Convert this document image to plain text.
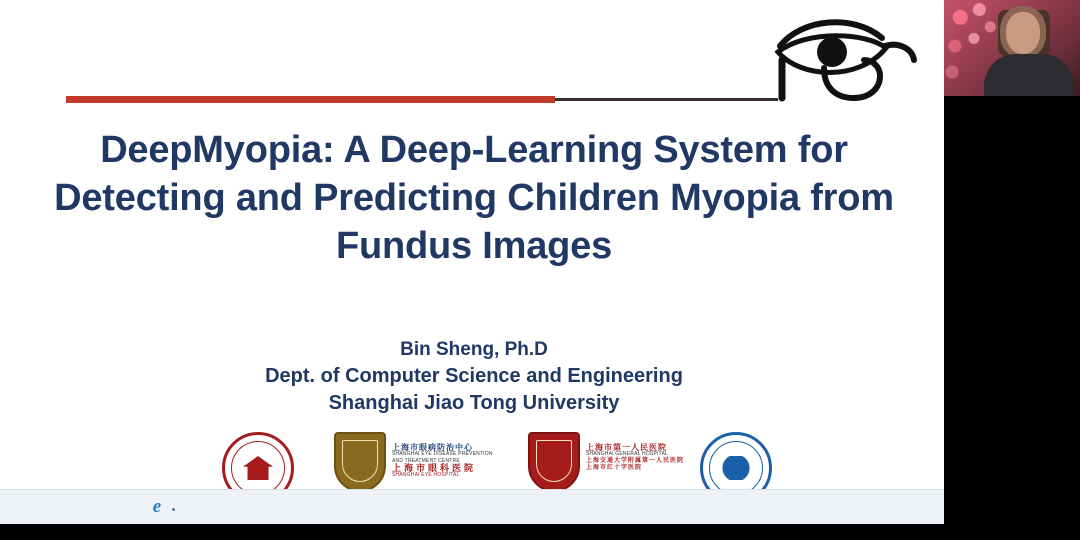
DeepMyopia: A Deep-Learning System for Detecting and Predicting Children Myopia from Fundus Images
Bin Sheng, Ph.D
Dept. of Computer Science and Engineering
Shanghai Jiao Tong University
上海市眼病防治中心
SHANGHAI EYE DISEASE PREVENTION
AND TREATMENT CENTRE
上海市眼科医院
SHANGHAI EYE HOSPITAL
上海市第一人民医院
SHANGHAI GENERAL HOSPITAL
上海交通大学附属第一人民医院
上海市红十字医院
e
